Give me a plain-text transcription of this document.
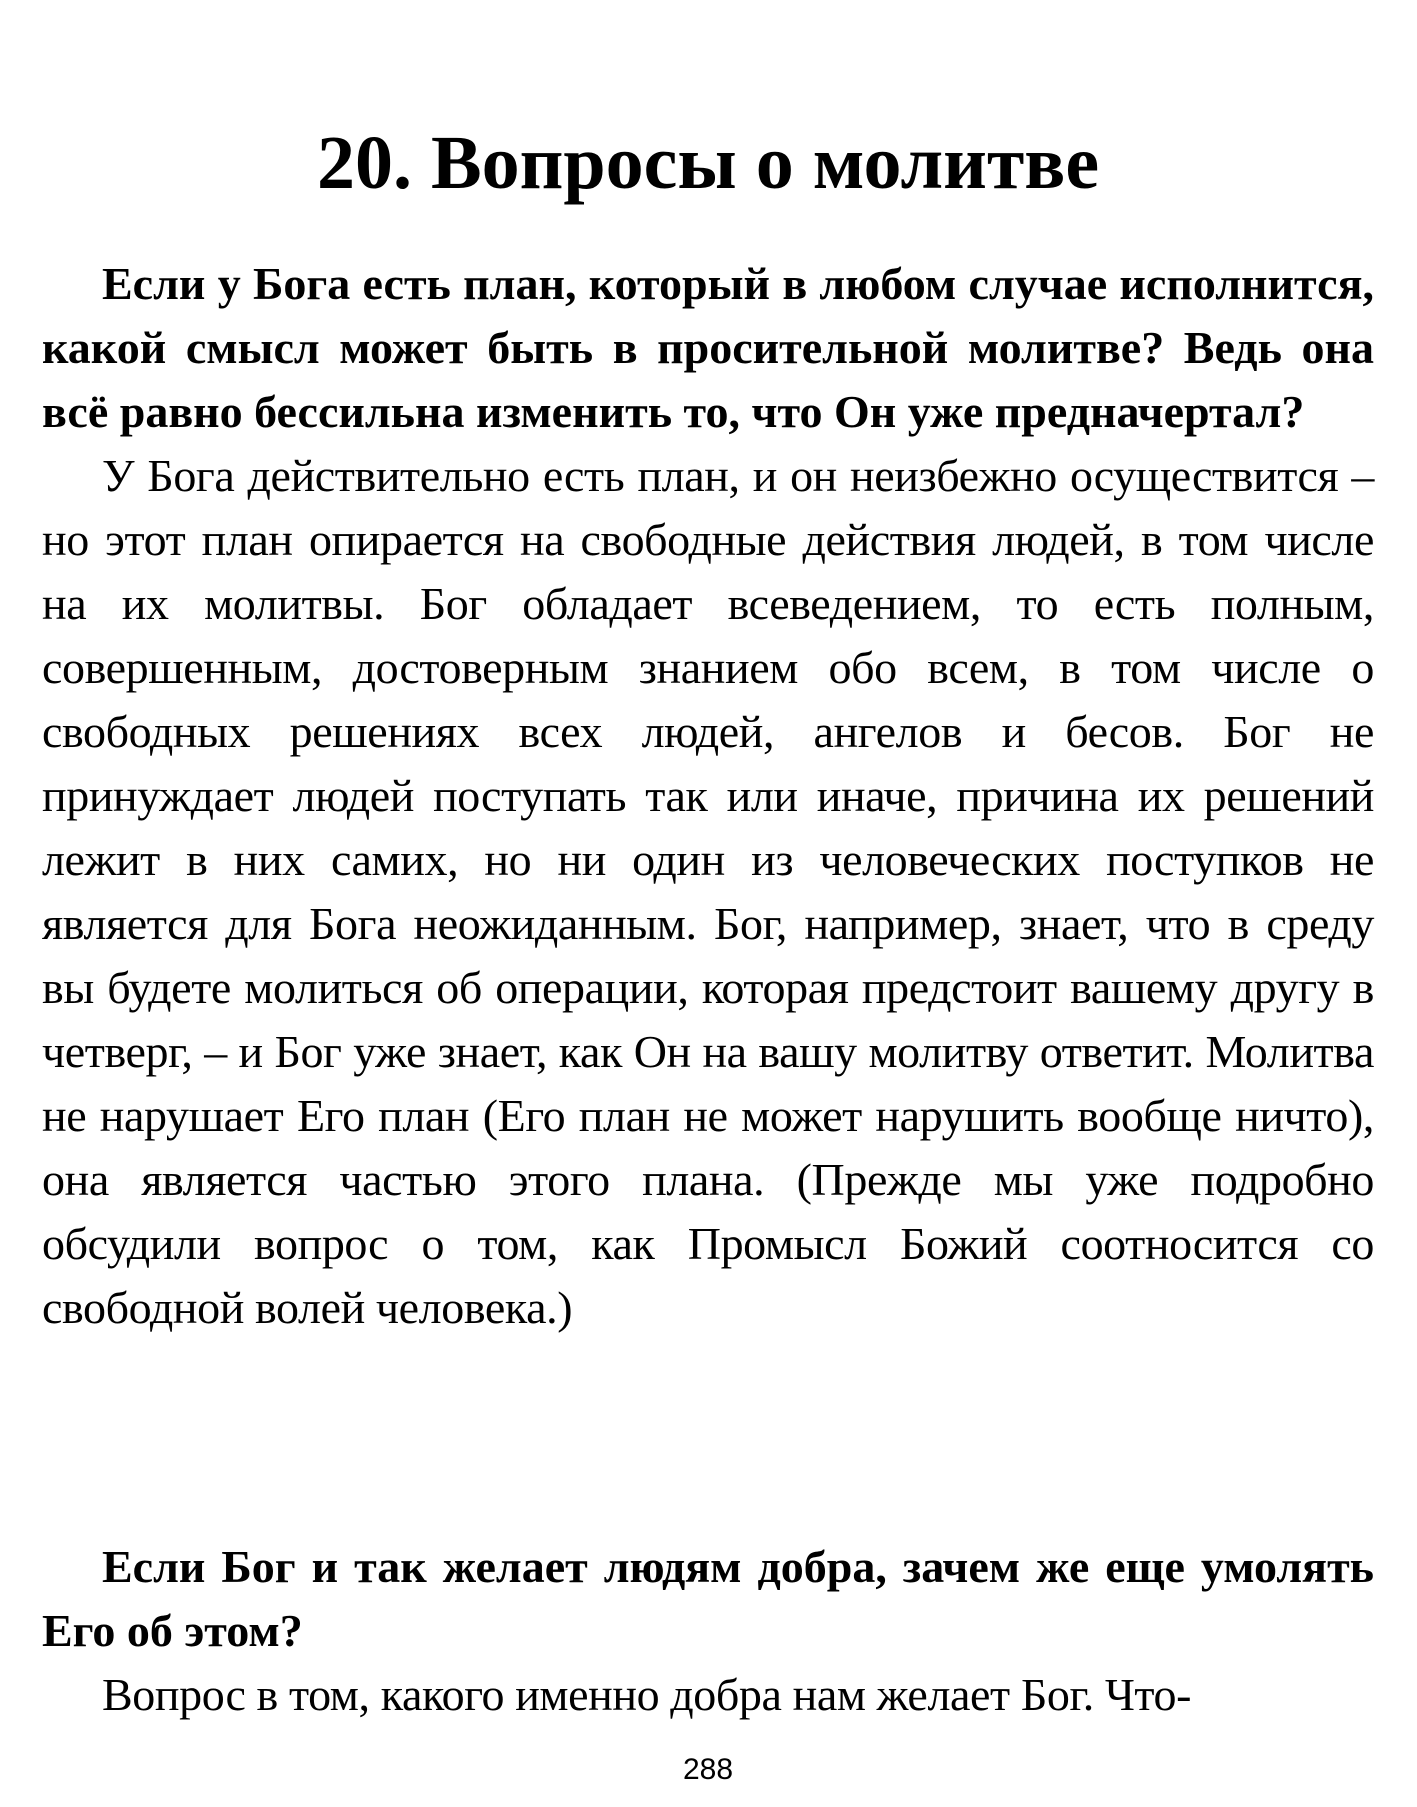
20. Вопросы о молитве

Если у Бога есть план, который в любом случае исполнится, какой смысл может быть в просительной молитве? Ведь она всё равно бессильна изменить то, что Он уже предначертал?

У Бога действительно есть план, и он неизбежно осуществится – но этот план опирается на свободные действия людей, в том числе на их молитвы. Бог обладает всеведением, то есть полным, совершенным, достоверным знанием обо всем, в том числе о свободных решениях всех людей, ангелов и бесов. Бог не принуждает людей поступать так или иначе, причина их решений лежит в них самих, но ни один из человеческих поступков не является для Бога неожиданным. Бог, например, знает, что в среду вы будете молиться об операции, которая предстоит вашему другу в четверг, – и Бог уже знает, как Он на вашу молитву ответит. Молитва не нарушает Его план (Его план не может нарушить вообще ничто), она является частью этого плана. (Прежде мы уже подробно обсудили вопрос о том, как Промысл Божий соотносится со свободной волей человека.)

Если Бог и так желает людям добра, зачем же еще умолять Его об этом?

Вопрос в том, какого именно добра нам желает Бог. Что-

288
